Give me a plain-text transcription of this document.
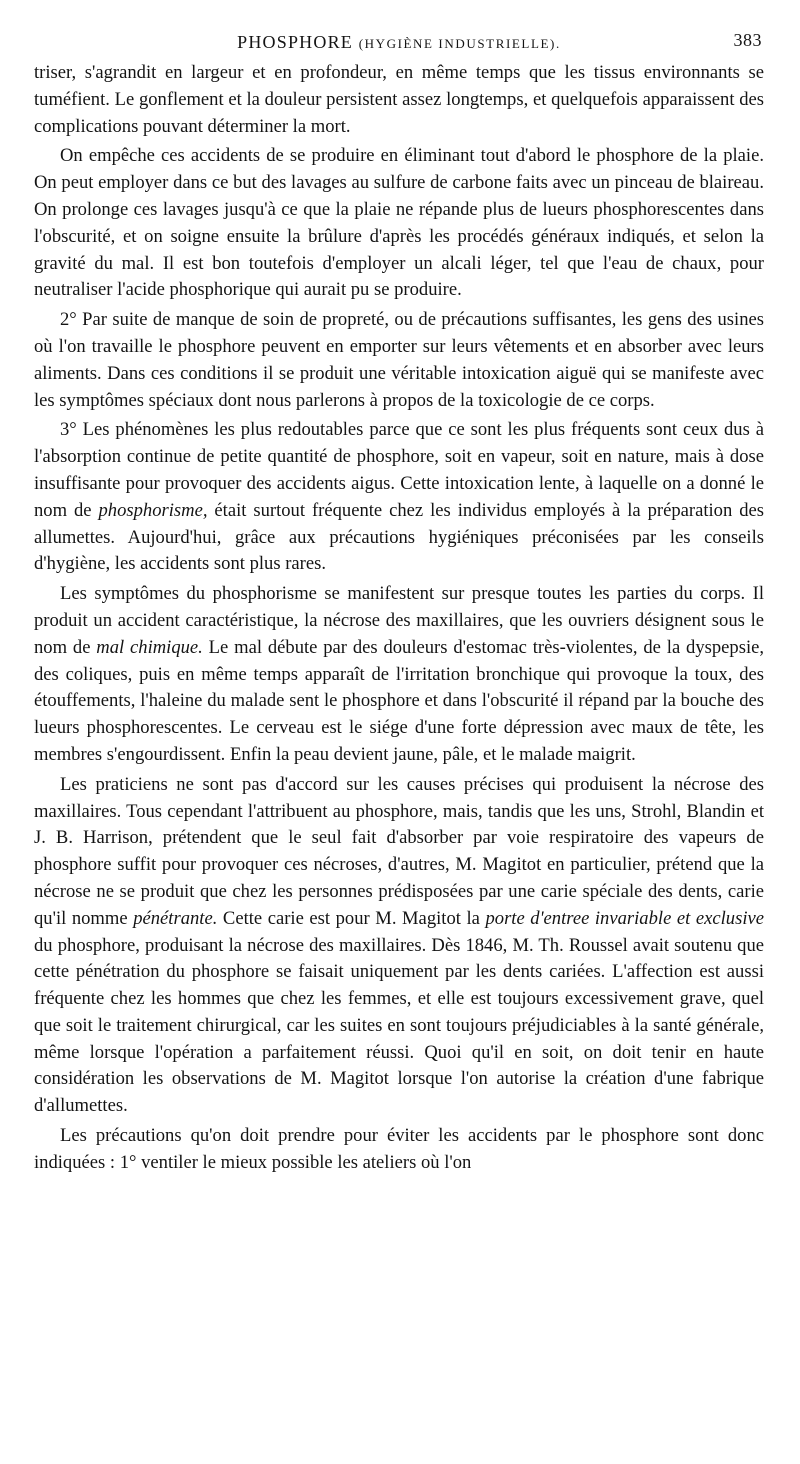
PHOSPHORE (HYGIÈNE INDUSTRIELLE).	383

triser, s'agrandit en largeur et en profondeur, en même temps que les tissus environnants se tuméfient. Le gonflement et la douleur persistent assez longtemps, et quelquefois apparaissent des complications pouvant déterminer la mort.

On empêche ces accidents de se produire en éliminant tout d'abord le phosphore de la plaie. On peut employer dans ce but des lavages au sulfure de carbone faits avec un pinceau de blaireau. On prolonge ces lavages jusqu'à ce que la plaie ne répande plus de lueurs phosphorescentes dans l'obscurité, et on soigne ensuite la brûlure d'après les procédés généraux indiqués, et selon la gravité du mal. Il est bon toutefois d'employer un alcali léger, tel que l'eau de chaux, pour neutraliser l'acide phosphorique qui aurait pu se produire.

2° Par suite de manque de soin de propreté, ou de précautions suffisantes, les gens des usines où l'on travaille le phosphore peuvent en emporter sur leurs vêtements et en absorber avec leurs aliments. Dans ces conditions il se produit une véritable intoxication aiguë qui se manifeste avec les symptômes spéciaux dont nous parlerons à propos de la toxicologie de ce corps.

3° Les phénomènes les plus redoutables parce que ce sont les plus fréquents sont ceux dus à l'absorption continue de petite quantité de phosphore, soit en vapeur, soit en nature, mais à dose insuffisante pour provoquer des accidents aigus. Cette intoxication lente, à laquelle on a donné le nom de phosphorisme, était surtout fréquente chez les individus employés à la préparation des allumettes. Aujourd'hui, grâce aux précautions hygiéniques préconisées par les conseils d'hygiène, les accidents sont plus rares.

Les symptômes du phosphorisme se manifestent sur presque toutes les parties du corps. Il produit un accident caractéristique, la nécrose des maxillaires, que les ouvriers désignent sous le nom de mal chimique. Le mal débute par des douleurs d'estomac très-violentes, de la dyspepsie, des coliques, puis en même temps apparaît de l'irritation bronchique qui provoque la toux, des étouffements, l'haleine du malade sent le phosphore et dans l'obscurité il répand par la bouche des lueurs phosphorescentes. Le cerveau est le siége d'une forte dépression avec maux de tête, les membres s'engourdissent. Enfin la peau devient jaune, pâle, et le malade maigrit.

Les praticiens ne sont pas d'accord sur les causes précises qui produisent la nécrose des maxillaires. Tous cependant l'attribuent au phosphore, mais, tandis que les uns, Strohl, Blandin et J. B. Harrison, prétendent que le seul fait d'absorber par voie respiratoire des vapeurs de phosphore suffit pour provoquer ces nécroses, d'autres, M. Magitot en particulier, prétend que la nécrose ne se produit que chez les personnes prédisposées par une carie spéciale des dents, carie qu'il nomme pénétrante. Cette carie est pour M. Magitot la porte d'entree invariable et exclusive du phosphore, produisant la nécrose des maxillaires. Dès 1846, M. Th. Roussel avait soutenu que cette pénétration du phosphore se faisait uniquement par les dents cariées. L'affection est aussi fréquente chez les hommes que chez les femmes, et elle est toujours excessivement grave, quel que soit le traitement chirurgical, car les suites en sont toujours préjudiciables à la santé générale, même lorsque l'opération a parfaitement réussi. Quoi qu'il en soit, on doit tenir en haute considération les observations de M. Magitot lorsque l'on autorise la création d'une fabrique d'allumettes.

Les précautions qu'on doit prendre pour éviter les accidents par le phosphore sont donc indiquées : 1° ventiler le mieux possible les ateliers où l'on
